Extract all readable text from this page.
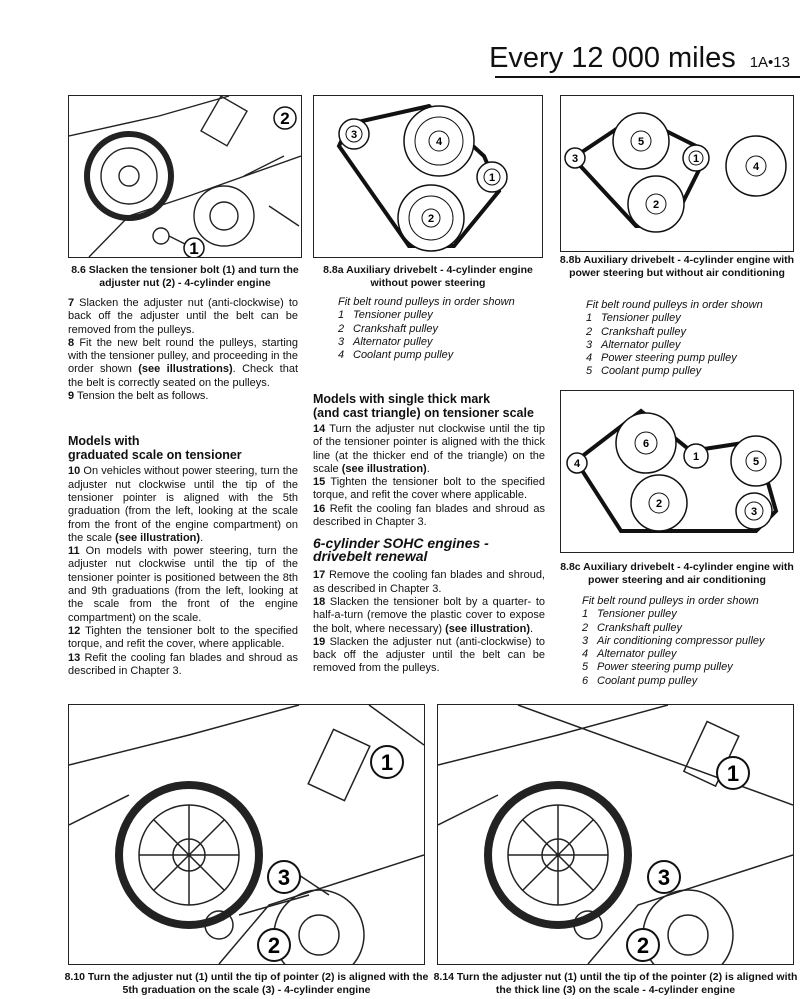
Every 12 000 miles 1A•13
1
2
8.6 Slacken the tensioner bolt (1) and turn the adjuster nut (2) - 4-cylinder engine
4
3
1
2
8.8a Auxiliary drivebelt - 4-cylinder engine without power steering
Fit belt round pulleys in order shown
1 Tensioner pulley
2 Crankshaft pulley
3 Alternator pulley
4 Coolant pump pulley
3
5
1
4
2
8.8b Auxiliary drivebelt - 4-cylinder engine with power steering but without air conditioning
Fit belt round pulleys in order shown
1 Tensioner pulley
2 Crankshaft pulley
3 Alternator pulley
4 Power steering pump pulley
5 Coolant pump pulley
6
4
1	5
2
3
8.8c Auxiliary drivebelt - 4-cylinder engine with power steering and air conditioning
Fit belt round pulleys in order shown
1 Tensioner pulley
2 Crankshaft pulley
3 Air conditioning compressor pulley
4 Alternator pulley
5 Power steering pump pulley
6 Coolant pump pulley

7 Slacken the adjuster nut (anti-clockwise) to back off the adjuster until the belt can be removed from the pulleys.

8 Fit the new belt round the pulleys, starting with the tensioner pulley, and proceeding in the order shown (see illustrations). Check that the belt is correctly seated on the pulleys.

9 Tension the belt as follows.

Models with
graduated scale on tensioner

10 On vehicles without power steering, turn the adjuster nut clockwise until the tip of the tensioner pointer is aligned with the 5th graduation (from the left, looking at the scale from the front of the engine compartment) on the scale (see illustration).

11 On models with power steering, turn the adjuster nut clockwise until the tip of the tensioner pointer is positioned between the 8th and 9th graduations (from the left, looking at the scale from the front of the engine compartment) on the scale.

12 Tighten the tensioner bolt to the specified torque, and refit the cover, where applicable.

13 Refit the cooling fan blades and shroud as described in Chapter 3.

Models with single thick mark
(and cast triangle) on tensioner scale

14 Turn the adjuster nut clockwise until the tip of the tensioner pointer is aligned with the thick line (at the thicker end of the triangle) on the scale (see illustration).

15 Tighten the tensioner bolt to the specified torque, and refit the cover where applicable.

16 Refit the cooling fan blades and shroud as described in Chapter 3.

6-cylinder SOHC engines -
drivebelt renewal

17 Remove the cooling fan blades and shroud, as described in Chapter 3.

18 Slacken the tensioner bolt by a quarter- to half-a-turn (remove the plastic cover to expose the bolt, where necessary) (see illustration).

19 Slacken the adjuster nut (anti-clockwise) to back off the adjuster until the belt can be removed from the pulleys.

1
3
2
8.10 Turn the adjuster nut (1) until the tip of pointer (2) is aligned with the 5th graduation on the scale (3) - 4-cylinder engine
1
3
2
8.14 Turn the adjuster nut (1) until the tip of the pointer (2) is aligned with the thick line (3) on the scale - 4-cylinder engine
